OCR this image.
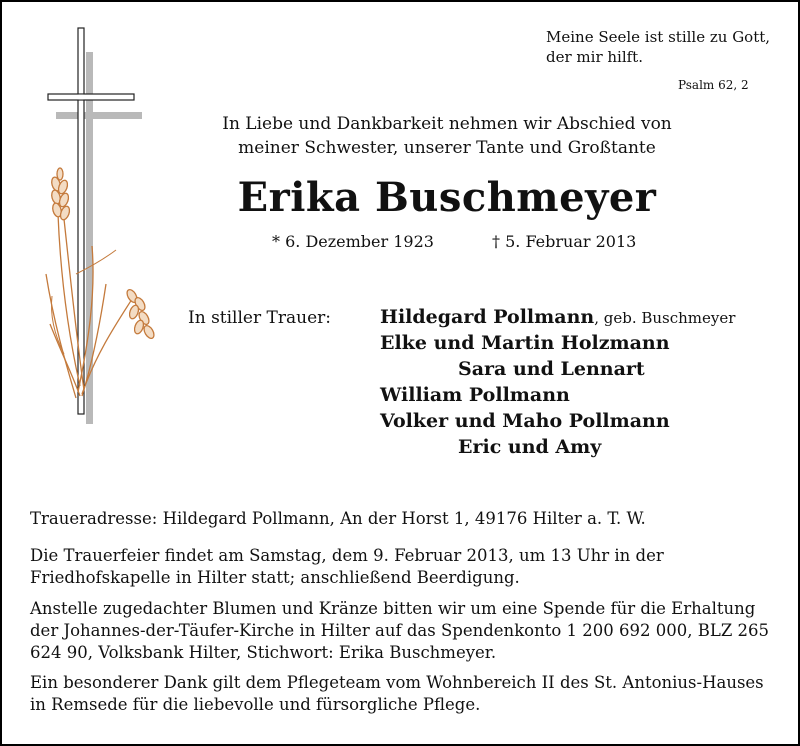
Meine Seele ist stille zu Gott,
der mir hilft.
Psalm 62, 2
In Liebe und Dankbarkeit nehmen wir Abschied von
meiner Schwester, unserer Tante und Großtante
Erika Buschmeyer
* 6. Dezember 1923	† 5. Februar 2013
In stiller Trauer:	Hildegard Pollmann, geb. Buschmeyer
Elke und Martin Holzmann
Sara und Lennart
William Pollmann
Volker und Maho Pollmann
Eric und Amy
Traueradresse: Hildegard Pollmann, An der Horst 1, 49176 Hilter a. T. W.
Die Trauerfeier findet am Samstag, dem 9. Februar 2013, um 13 Uhr in der Friedhofskapelle in Hilter statt; anschließend Beerdigung.
Anstelle zugedachter Blumen und Kränze bitten wir um eine Spende für die Erhaltung der Johannes-der-Täufer-Kirche in Hilter auf das Spendenkonto 1 200 692 000, BLZ 265 624 90, Volksbank Hilter, Stichwort: Erika Buschmeyer.
Ein besonderer Dank gilt dem Pflegeteam vom Wohnbereich II des St. Antonius-Hauses in Remsede für die liebevolle und fürsorgliche Pflege.
